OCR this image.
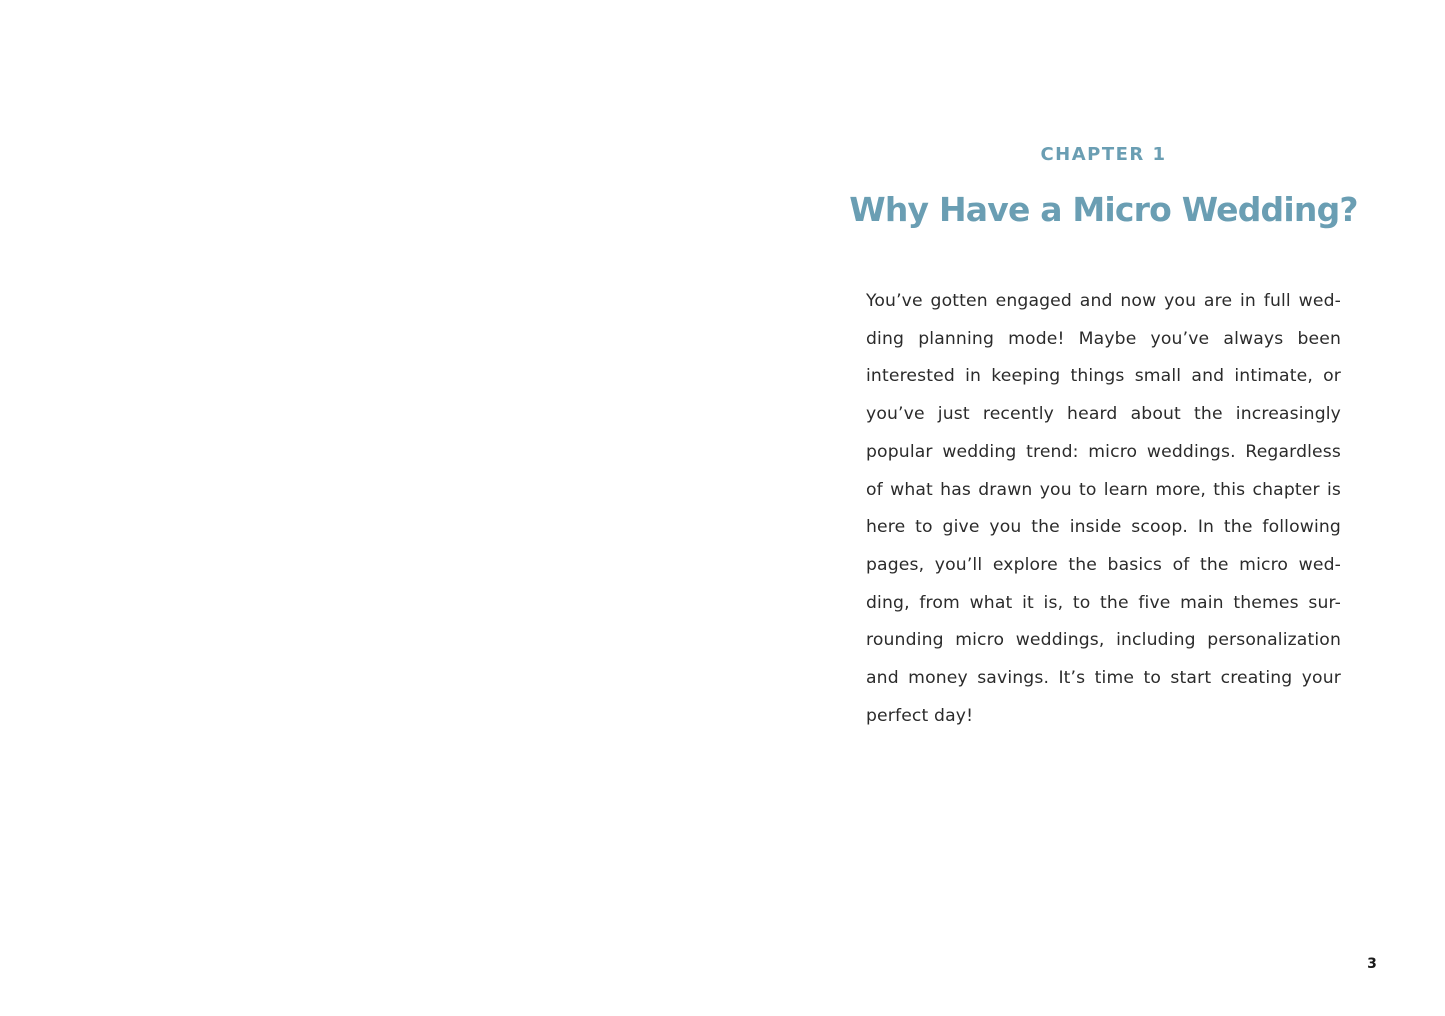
CHAPTER 1
Why Have a Micro Wedding?

You’ve gotten engaged and now you are in full wed-
ding planning mode! Maybe you’ve always been
interested in keeping things small and intimate, or
you’ve just recently heard about the increasingly
popular wedding trend: micro weddings. Regardless
of what has drawn you to learn more, this chapter is
here to give you the inside scoop. In the following
pages, you’ll explore the basics of the micro wed-
ding, from what it is, to the five main themes sur-
rounding micro weddings, including personalization
and money savings. It’s time to start creating your
perfect day!

3
